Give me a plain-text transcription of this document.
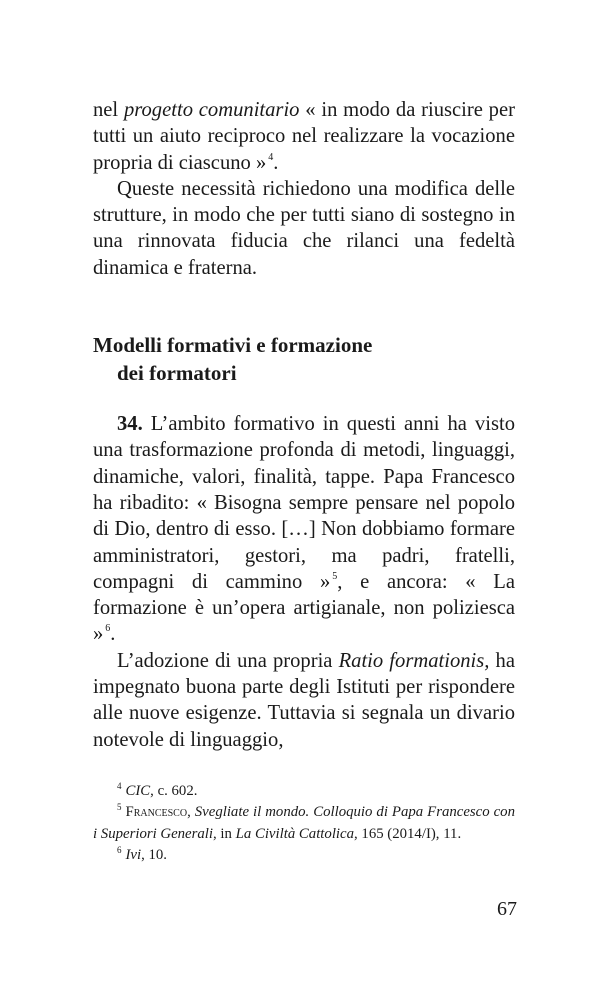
nel progetto comunitario « in modo da riuscire per tutti un aiuto reciproco nel realizzare la vocazione propria di ciascuno » $^4$.

Queste necessità richiedono una modifica delle strutture, in modo che per tutti siano di sostegno in una rinnovata fiducia che rilanci una fedeltà dinamica e fraterna.

Modelli formativi e formazione
dei formatori

34. L’ambito formativo in questi anni ha visto una trasformazione profonda di metodi, linguaggi, dinamiche, valori, finalità, tappe. Papa Francesco ha ribadito: « Bisogna sempre pensare nel popolo di Dio, dentro di esso. […] Non dobbiamo formare amministratori, gestori, ma padri, fratelli, compagni di cammino » $^5$, e ancora: « La formazione è un’opera artigianale, non poliziesca » $^6$.

L’adozione di una propria Ratio formationis, ha impegnato buona parte degli Istituti per rispondere alle nuove esigenze. Tuttavia si segnala un divario notevole di linguaggio,

$^4$ CIC, c. 602.

$^5$ Francesco, Svegliate il mondo. Colloquio di Papa Francesco con i Superiori Generali, in La Civiltà Cattolica, 165 (2014/I), 11.

$^6$ Ivi, 10.

67
